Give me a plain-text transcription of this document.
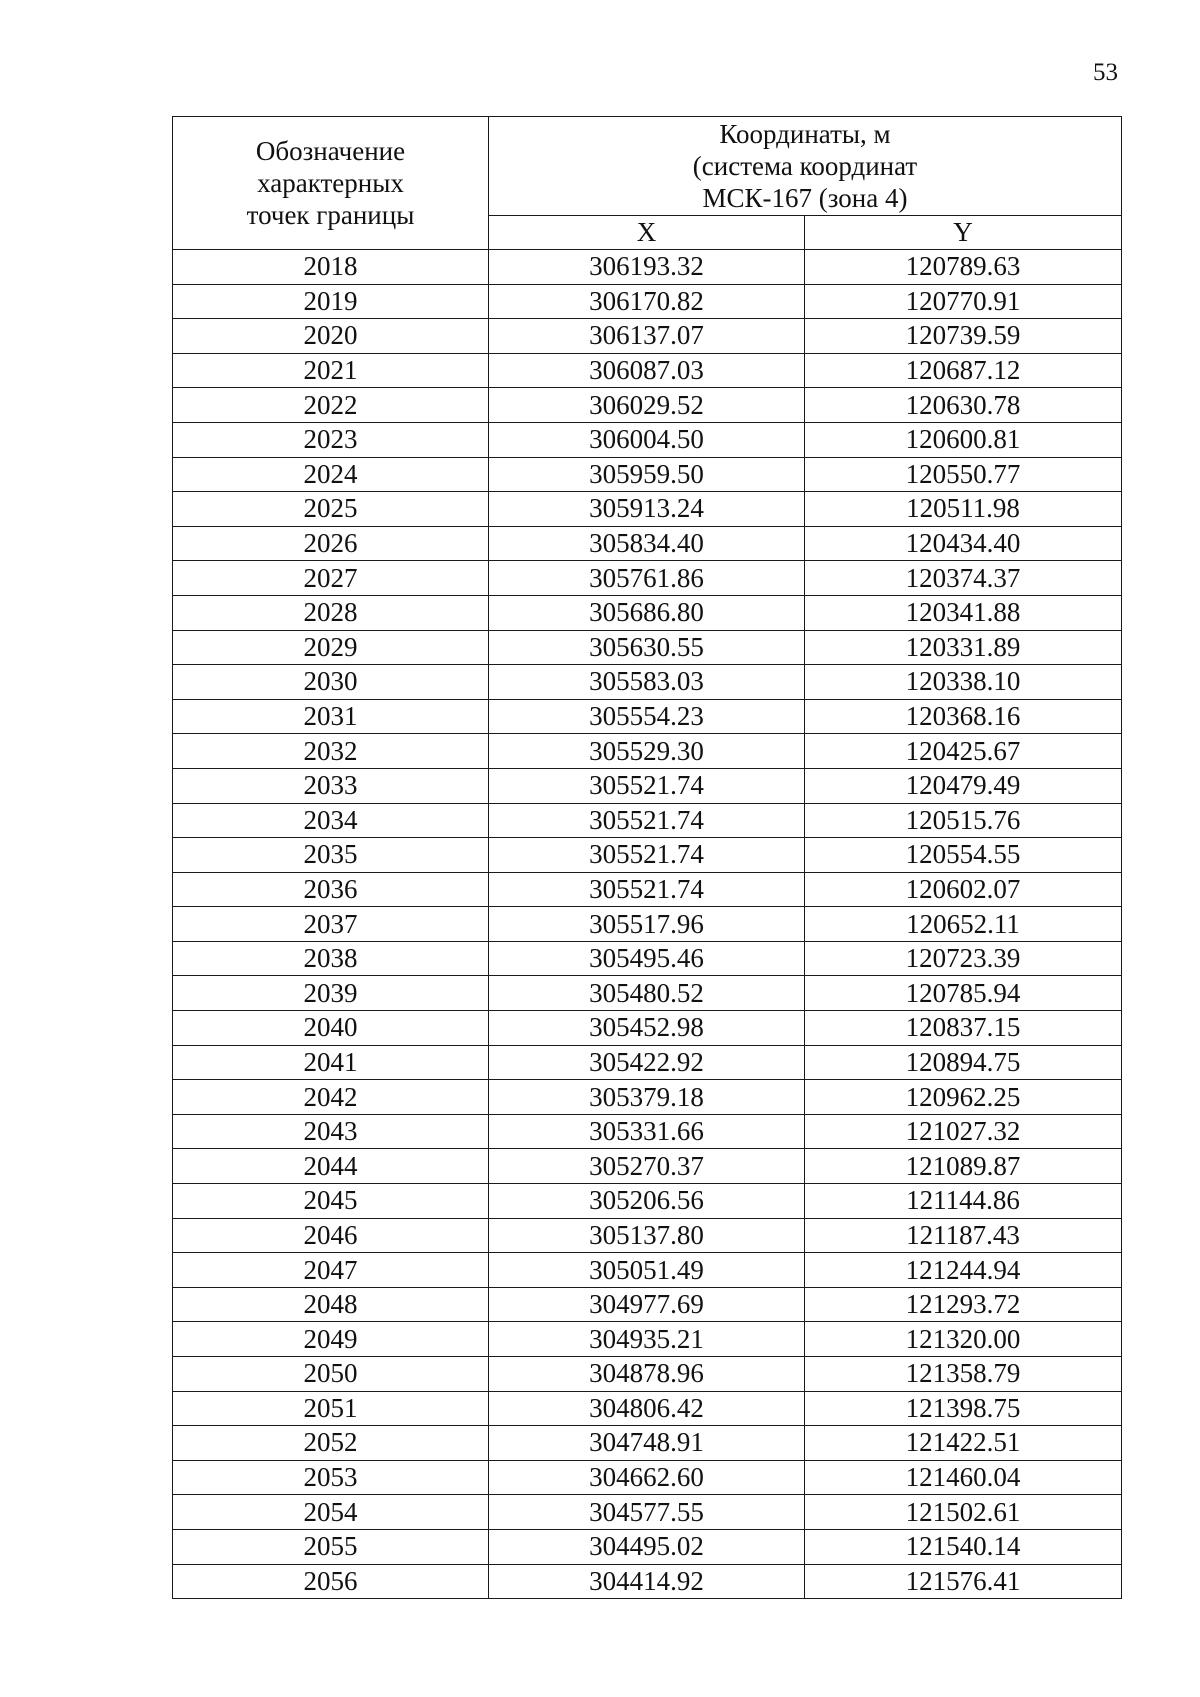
53
Обозначение
характерных
точек границы	Координаты, м
(система координат
МСК-167 (зона 4)	

	X	Y
2018	306193.32	120789.63
2019	306170.82	120770.91
2020	306137.07	120739.59
2021	306087.03	120687.12
2022	306029.52	120630.78
2023	306004.50	120600.81
2024	305959.50	120550.77
2025	305913.24	120511.98
2026	305834.40	120434.40
2027	305761.86	120374.37
2028	305686.80	120341.88
2029	305630.55	120331.89
2030	305583.03	120338.10
2031	305554.23	120368.16
2032	305529.30	120425.67
2033	305521.74	120479.49
2034	305521.74	120515.76
2035	305521.74	120554.55
2036	305521.74	120602.07
2037	305517.96	120652.11
2038	305495.46	120723.39
2039	305480.52	120785.94
2040	305452.98	120837.15
2041	305422.92	120894.75
2042	305379.18	120962.25
2043	305331.66	121027.32
2044	305270.37	121089.87
2045	305206.56	121144.86
2046	305137.80	121187.43
2047	305051.49	121244.94
2048	304977.69	121293.72
2049	304935.21	121320.00
2050	304878.96	121358.79
2051	304806.42	121398.75
2052	304748.91	121422.51
2053	304662.60	121460.04
2054	304577.55	121502.61
2055	304495.02	121540.14
2056	304414.92	121576.41
